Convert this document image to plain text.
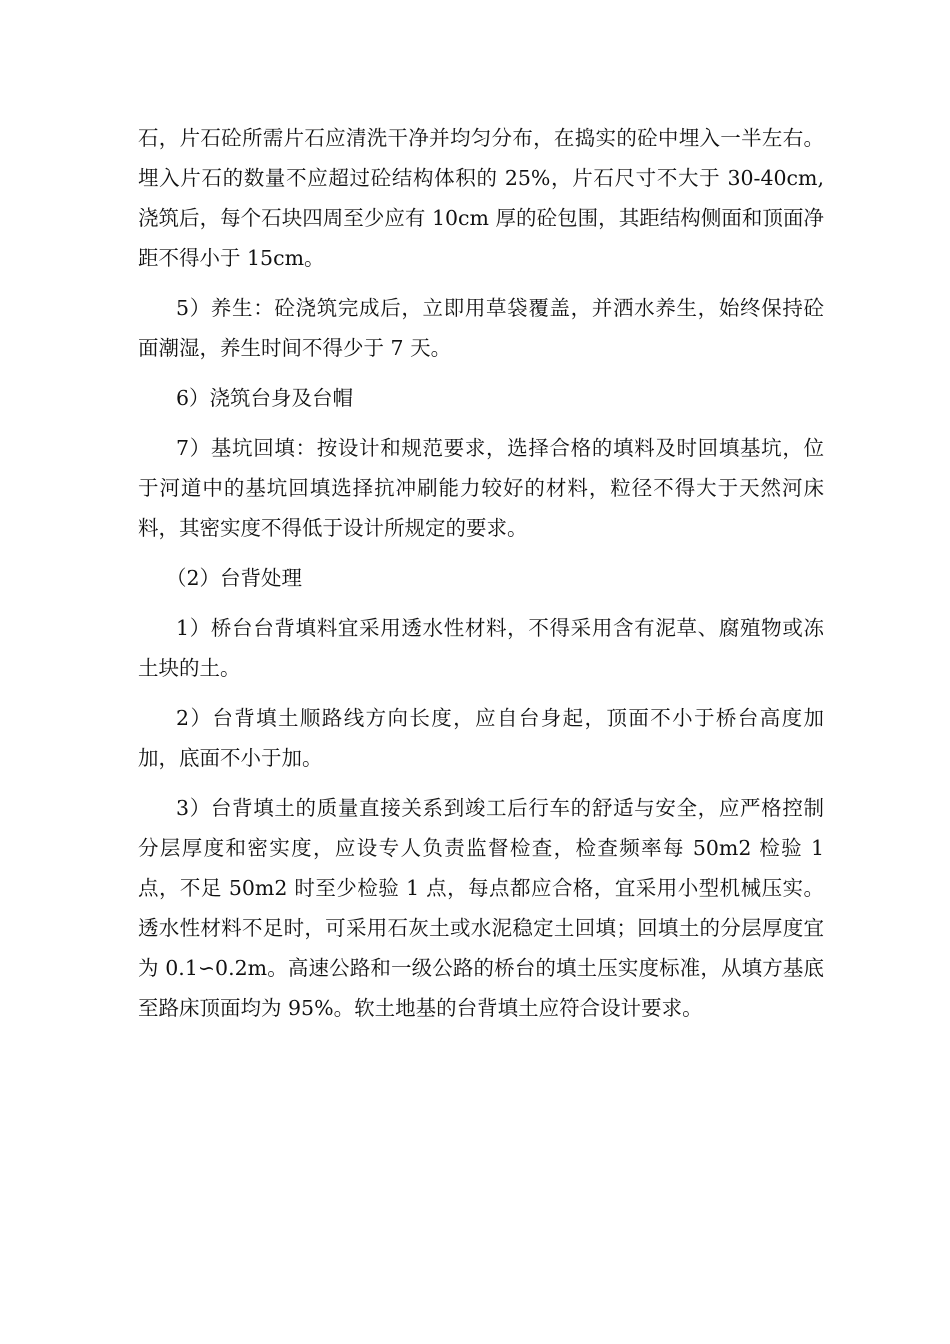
石，片石砼所需片石应清洗干净并均匀分布，在捣实的砼中埋入一半左右。埋入片石的数量不应超过砼结构体积的 25%，片石尺寸不大于 30-40cm,浇筑后，每个石块四周至少应有 10cm 厚的砼包围，其距结构侧面和顶面净距不得小于 15cm。

5）养生：砼浇筑完成后，立即用草袋覆盖，并洒水养生，始终保持砼面潮湿，养生时间不得少于 7 天。

6）浇筑台身及台帽

7）基坑回填：按设计和规范要求，选择合格的填料及时回填基坑，位于河道中的基坑回填选择抗冲刷能力较好的材料，粒径不得大于天然河床料，其密实度不得低于设计所规定的要求。

（2）台背处理

1）桥台台背填料宜采用透水性材料，不得采用含有泥草、腐殖物或冻土块的土。

2）台背填土顺路线方向长度，应自台身起，顶面不小于桥台高度加加，底面不小于加。

3）台背填土的质量直接关系到竣工后行车的舒适与安全，应严格控制分层厚度和密实度，应设专人负责监督检查，检查频率每 50m2 检验 1 点，不足 50m2 时至少检验 1 点，每点都应合格，宜采用小型机械压实。透水性材料不足时，可采用石灰土或水泥稳定土回填；回填土的分层厚度宜为 0.1∽0.2m。高速公路和一级公路的桥台的填土压实度标准，从填方基底至路床顶面均为 95%。软土地基的台背填土应符合设计要求。
